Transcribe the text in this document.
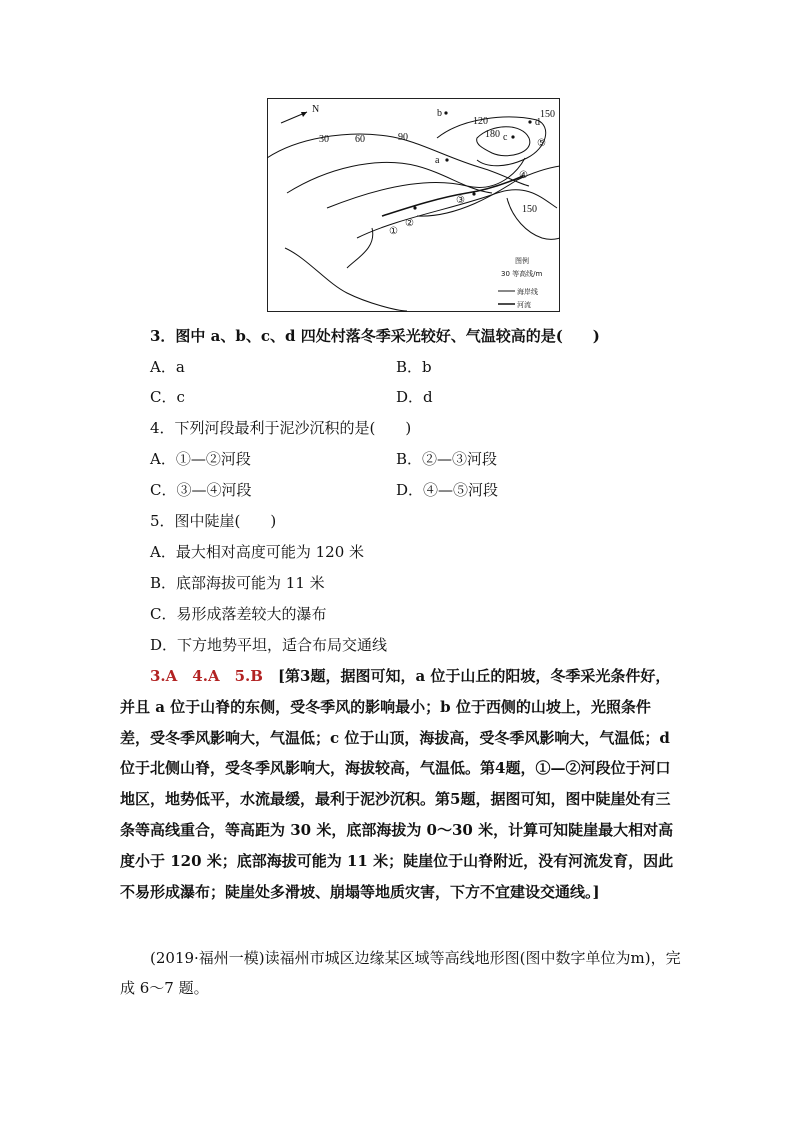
N
30	60	90
120
180
150
150
a
b
c
d
①
②
③
④
⑤
图例
30 等高线/m
海岸线
河流
3．图中 a、b、c、d 四处村落冬季采光较好、气温较高的是(　　)
A．a	B．b
C．c	D．d
4．下列河段最利于泥沙沉积的是(　　)
A．①—②河段	B．②—③河段
C．③—④河段	D．④—⑤河段
5．图中陡崖(　　)
A．最大相对高度可能为 120 米
B．底部海拔可能为 11 米
C．易形成落差较大的瀑布
D．下方地势平坦，适合布局交通线
3.A　4.A　5.B　[第3题，据图可知，a 位于山丘的阳坡，冬季采光条件好，并且 a 位于山脊的东侧，受冬季风的影响最小；b 位于西侧的山坡上，光照条件差，受冬季风影响大，气温低；c 位于山顶，海拔高，受冬季风影响大，气温低；d 位于北侧山脊，受冬季风影响大，海拔较高，气温低。第4题，①—②河段位于河口地区，地势低平，水流最缓，最利于泥沙沉积。第5题，据图可知，图中陡崖处有三条等高线重合，等高距为 30 米，底部海拔为 0～30 米，计算可知陡崖最大相对高度小于 120 米；底部海拔可能为 11 米；陡崖位于山脊附近，没有河流发育，因此不易形成瀑布；陡崖处多滑坡、崩塌等地质灾害，下方不宜建设交通线。]
(2019·福州一模)读福州市城区边缘某区域等高线地形图(图中数字单位为m)，完成 6～7 题。
